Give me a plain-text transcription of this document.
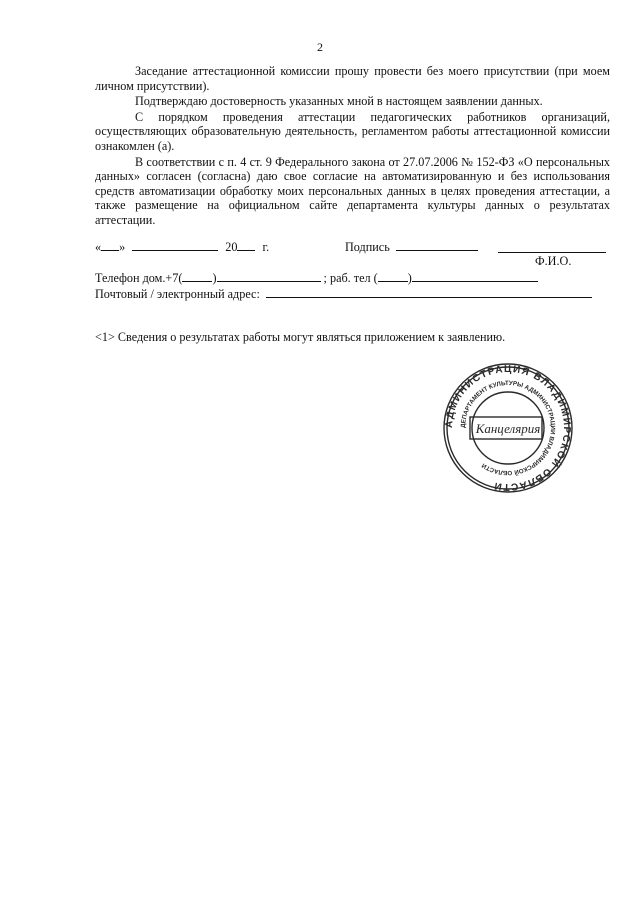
2

Заседание аттестационной комиссии прошу провести без моего присутствии (при моем личном присутствии).

Подтверждаю достоверность указанных мной в настоящем заявлении данных.

С порядком проведения аттестации педагогических работников организаций, осуществляющих образовательную деятельность, регламентом работы аттестационной комиссии ознакомлен (а).

В соответствии с п. 4 ст. 9 Федерального закона от 27.07.2006 № 152-ФЗ «О персональных данных» согласен (согласна) даю свое согласие на автоматизированную и без использования средств автоматизации обработку моих персональных данных в целях проведения аттестации, а также размещение на официальном сайте департамента культуры данных о результатах аттестации.

« »	20 г.	Подпись
Ф.И.О.
Телефон дом.+7( )	; раб. тел ( )
Почтовый / электронный адрес:
<1> Сведения о результатах работы могут являться приложением к заявлению.
АДМИНИСТРАЦИЯ ВЛАДИМИРСКОЙ ОБЛАСТИ
ДЕПАРТАМЕНТ КУЛЬТУРЫ АДМИНИСТРАЦИИ ВЛАДИМИРСКОЙ ОБЛАСТИ
Канцелярия
